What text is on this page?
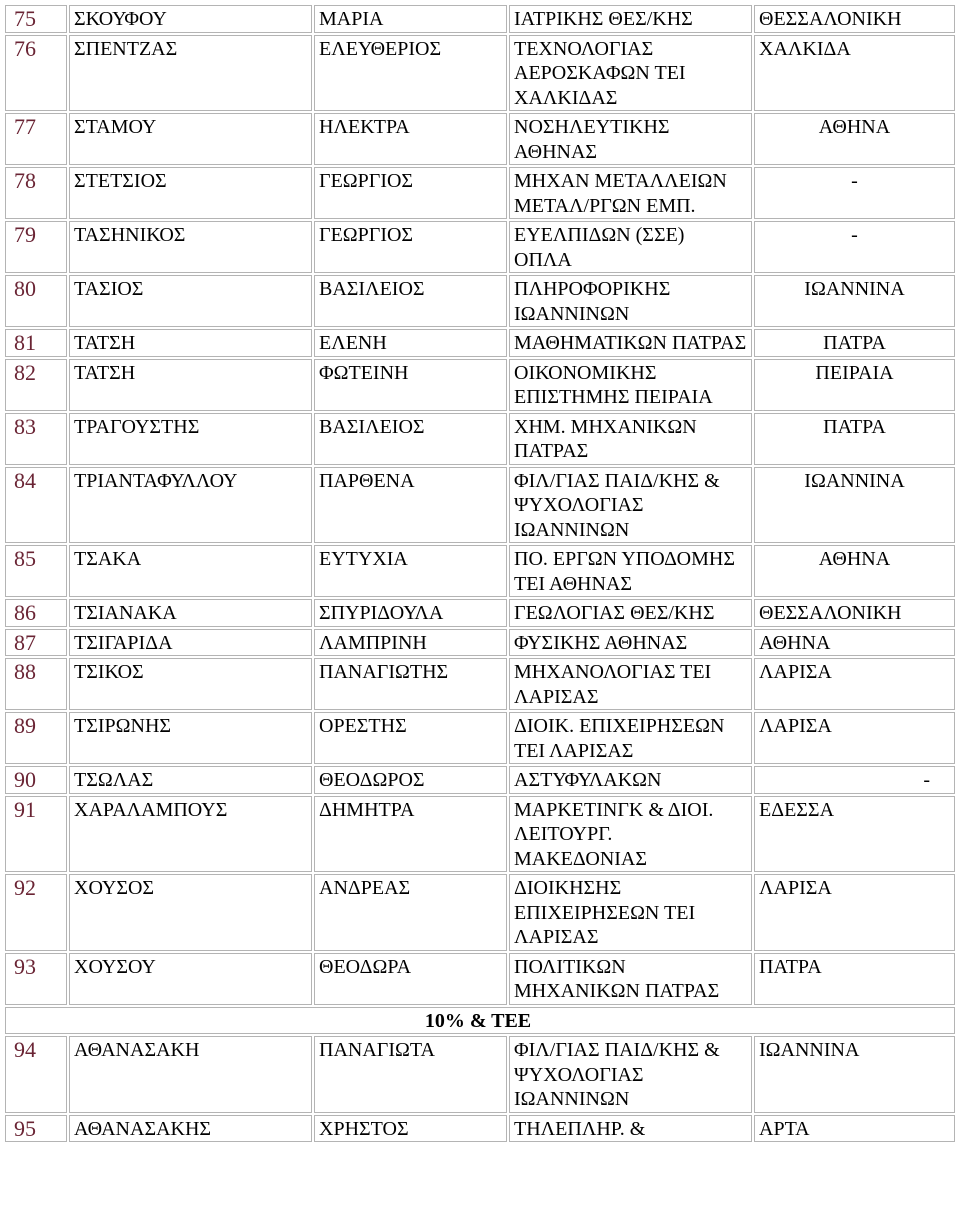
75	ΣΚΟΥΦΟΥ	ΜΑΡΙΑ	ΙΑΤΡΙΚΗΣ ΘΕΣ/ΚΗΣ	ΘΕΣΣΑΛΟΝΙΚΗ
76	ΣΠΕΝΤΖΑΣ	ΕΛΕΥΘΕΡΙΟΣ	ΤΕΧΝΟΛΟΓΙΑΣ ΑΕΡΟΣΚΑΦΩΝ ΤΕΙ ΧΑΛΚΙΔΑΣ	ΧΑΛΚΙΔΑ
77	ΣΤΑΜΟΥ	ΗΛΕΚΤΡΑ	ΝΟΣΗΛΕΥΤΙΚΗΣ ΑΘΗΝΑΣ	ΑΘΗΝΑ
78	ΣΤΕΤΣΙΟΣ	ΓΕΩΡΓΙΟΣ	ΜΗΧΑΝ ΜΕΤΑΛΛΕΙΩΝ ΜΕΤΑΛ/ΡΓΩΝ ΕΜΠ.	-
79	ΤΑΣΗΝΙΚΟΣ	ΓΕΩΡΓΙΟΣ	ΕΥΕΛΠΙΔΩΝ (ΣΣΕ) ΟΠΛΑ	-
80	ΤΑΣΙΟΣ	ΒΑΣΙΛΕΙΟΣ	ΠΛΗΡΟΦΟΡΙΚΗΣ ΙΩΑΝΝΙΝΩΝ	ΙΩΑΝΝΙΝΑ
81	ΤΑΤΣΗ	ΕΛΕΝΗ	ΜΑΘΗΜΑΤΙΚΩΝ ΠΑΤΡΑΣ	ΠΑΤΡΑ
82	ΤΑΤΣΗ	ΦΩΤΕΙΝΗ	ΟΙΚΟΝΟΜΙΚΗΣ ΕΠΙΣΤΗΜΗΣ ΠΕΙΡΑΙΑ	ΠΕΙΡΑΙΑ
83	ΤΡΑΓΟΥΣΤΗΣ	ΒΑΣΙΛΕΙΟΣ	ΧΗΜ. ΜΗΧΑΝΙΚΩΝ ΠΑΤΡΑΣ	ΠΑΤΡΑ
84	ΤΡΙΑΝΤΑΦΥΛΛΟΥ	ΠΑΡΘΕΝΑ	ΦΙΛ/ΓΙΑΣ ΠΑΙΔ/ΚΗΣ & ΨΥΧΟΛΟΓΙΑΣ ΙΩΑΝΝΙΝΩΝ	ΙΩΑΝΝΙΝΑ
85	ΤΣΑΚΑ	ΕΥΤΥΧΙΑ	ΠΟ. ΕΡΓΩΝ ΥΠΟΔΟΜΗΣ ΤΕΙ ΑΘΗΝΑΣ	ΑΘΗΝΑ
86	ΤΣΙΑΝΑΚΑ	ΣΠΥΡΙΔΟΥΛΑ	ΓΕΩΛΟΓΙΑΣ ΘΕΣ/ΚΗΣ	ΘΕΣΣΑΛΟΝΙΚΗ
87	ΤΣΙΓΑΡΙΔΑ	ΛΑΜΠΡΙΝΗ	ΦΥΣΙΚΗΣ ΑΘΗΝΑΣ	ΑΘΗΝΑ
88	ΤΣΙΚΟΣ	ΠΑΝΑΓΙΩΤΗΣ	ΜΗΧΑΝΟΛΟΓΙΑΣ ΤΕΙ ΛΑΡΙΣΑΣ	ΛΑΡΙΣΑ
89	ΤΣΙΡΩΝΗΣ	ΟΡΕΣΤΗΣ	ΔΙΟΙΚ. ΕΠΙΧΕΙΡΗΣΕΩΝ ΤΕΙ ΛΑΡΙΣΑΣ	ΛΑΡΙΣΑ
90	ΤΣΩΛΑΣ	ΘΕΟΔΩΡΟΣ	ΑΣΤΥΦΥΛΑΚΩΝ	-
91	ΧΑΡΑΛΑΜΠΟΥΣ	ΔΗΜΗΤΡΑ	ΜΑΡΚΕΤΙΝΓΚ & ΔΙΟΙ. ΛΕΙΤΟΥΡΓ. ΜΑΚΕΔΟΝΙΑΣ	ΕΔΕΣΣΑ
92	ΧΟΥΣΟΣ	ΑΝΔΡΕΑΣ	ΔΙΟΙΚΗΣΗΣ ΕΠΙΧΕΙΡΗΣΕΩΝ ΤΕΙ ΛΑΡΙΣΑΣ	ΛΑΡΙΣΑ
93	ΧΟΥΣΟΥ	ΘΕΟΔΩΡΑ	ΠΟΛΙΤΙΚΩΝ ΜΗΧΑΝΙΚΩΝ ΠΑΤΡΑΣ	ΠΑΤΡΑ
10% & ΤΕΕ				
94	ΑΘΑΝΑΣΑΚΗ	ΠΑΝΑΓΙΩΤΑ	ΦΙΛ/ΓΙΑΣ ΠΑΙΔ/ΚΗΣ & ΨΥΧΟΛΟΓΙΑΣ ΙΩΑΝΝΙΝΩΝ	ΙΩΑΝΝΙΝΑ
95	ΑΘΑΝΑΣΑΚΗΣ	ΧΡΗΣΤΟΣ	ΤΗΛΕΠΛΗΡ. &	ΑΡΤΑ
